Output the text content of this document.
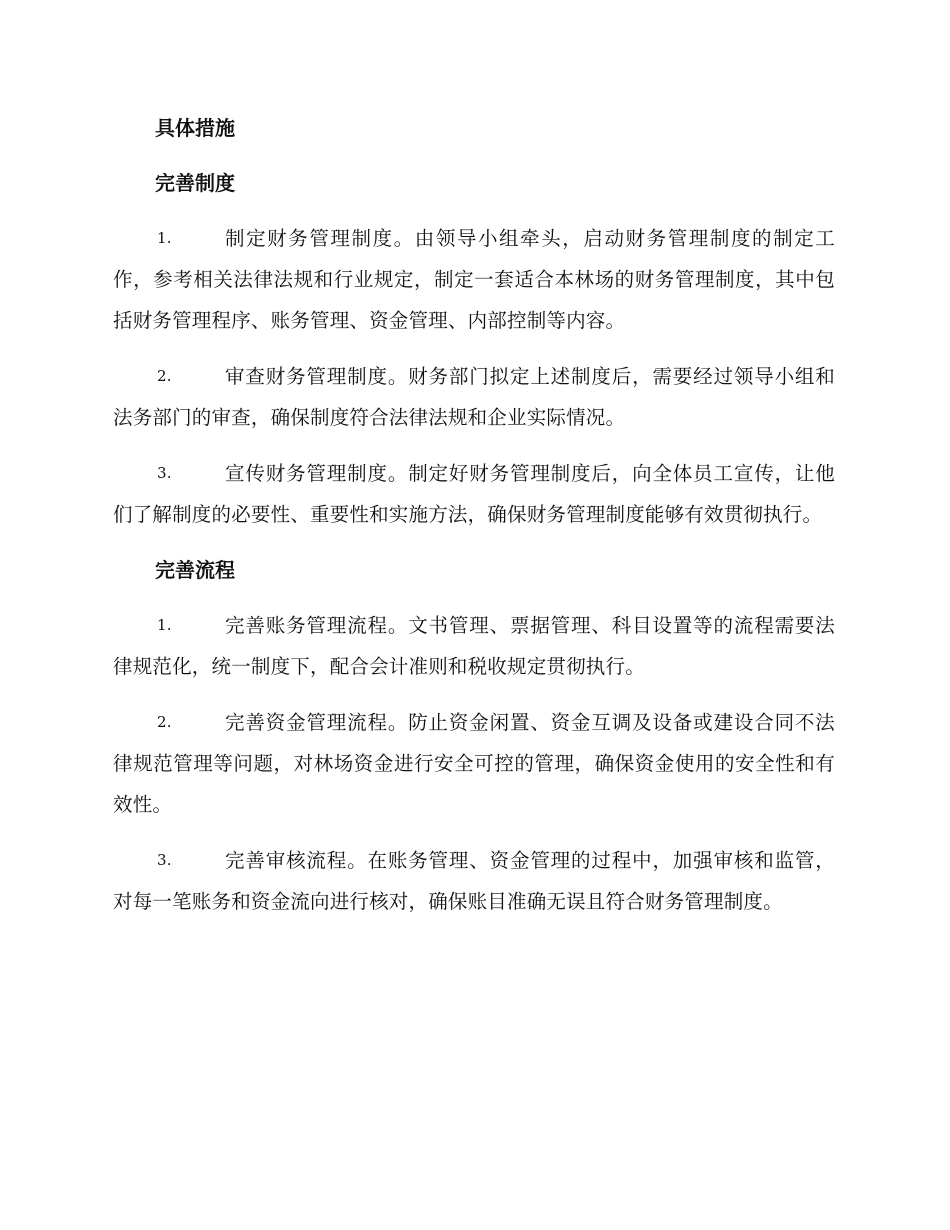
具体措施
完善制度
1.	制定财务管理制度。由领导小组牵头，启动财务管理制度的制定工作，参考相关法律法规和行业规定，制定一套适合本林场的财务管理制度，其中包括财务管理程序、账务管理、资金管理、内部控制等内容。
2.	审查财务管理制度。财务部门拟定上述制度后，需要经过领导小组和法务部门的审查，确保制度符合法律法规和企业实际情况。
3.	宣传财务管理制度。制定好财务管理制度后，向全体员工宣传，让他们了解制度的必要性、重要性和实施方法，确保财务管理制度能够有效贯彻执行。
完善流程
1.	完善账务管理流程。文书管理、票据管理、科目设置等的流程需要法律规范化，统一制度下，配合会计准则和税收规定贯彻执行。
2.	完善资金管理流程。防止资金闲置、资金互调及设备或建设合同不法律规范管理等问题，对林场资金进行安全可控的管理，确保资金使用的安全性和有效性。
3.	完善审核流程。在账务管理、资金管理的过程中，加强审核和监管，对每一笔账务和资金流向进行核对，确保账目准确无误且符合财务管理制度。
